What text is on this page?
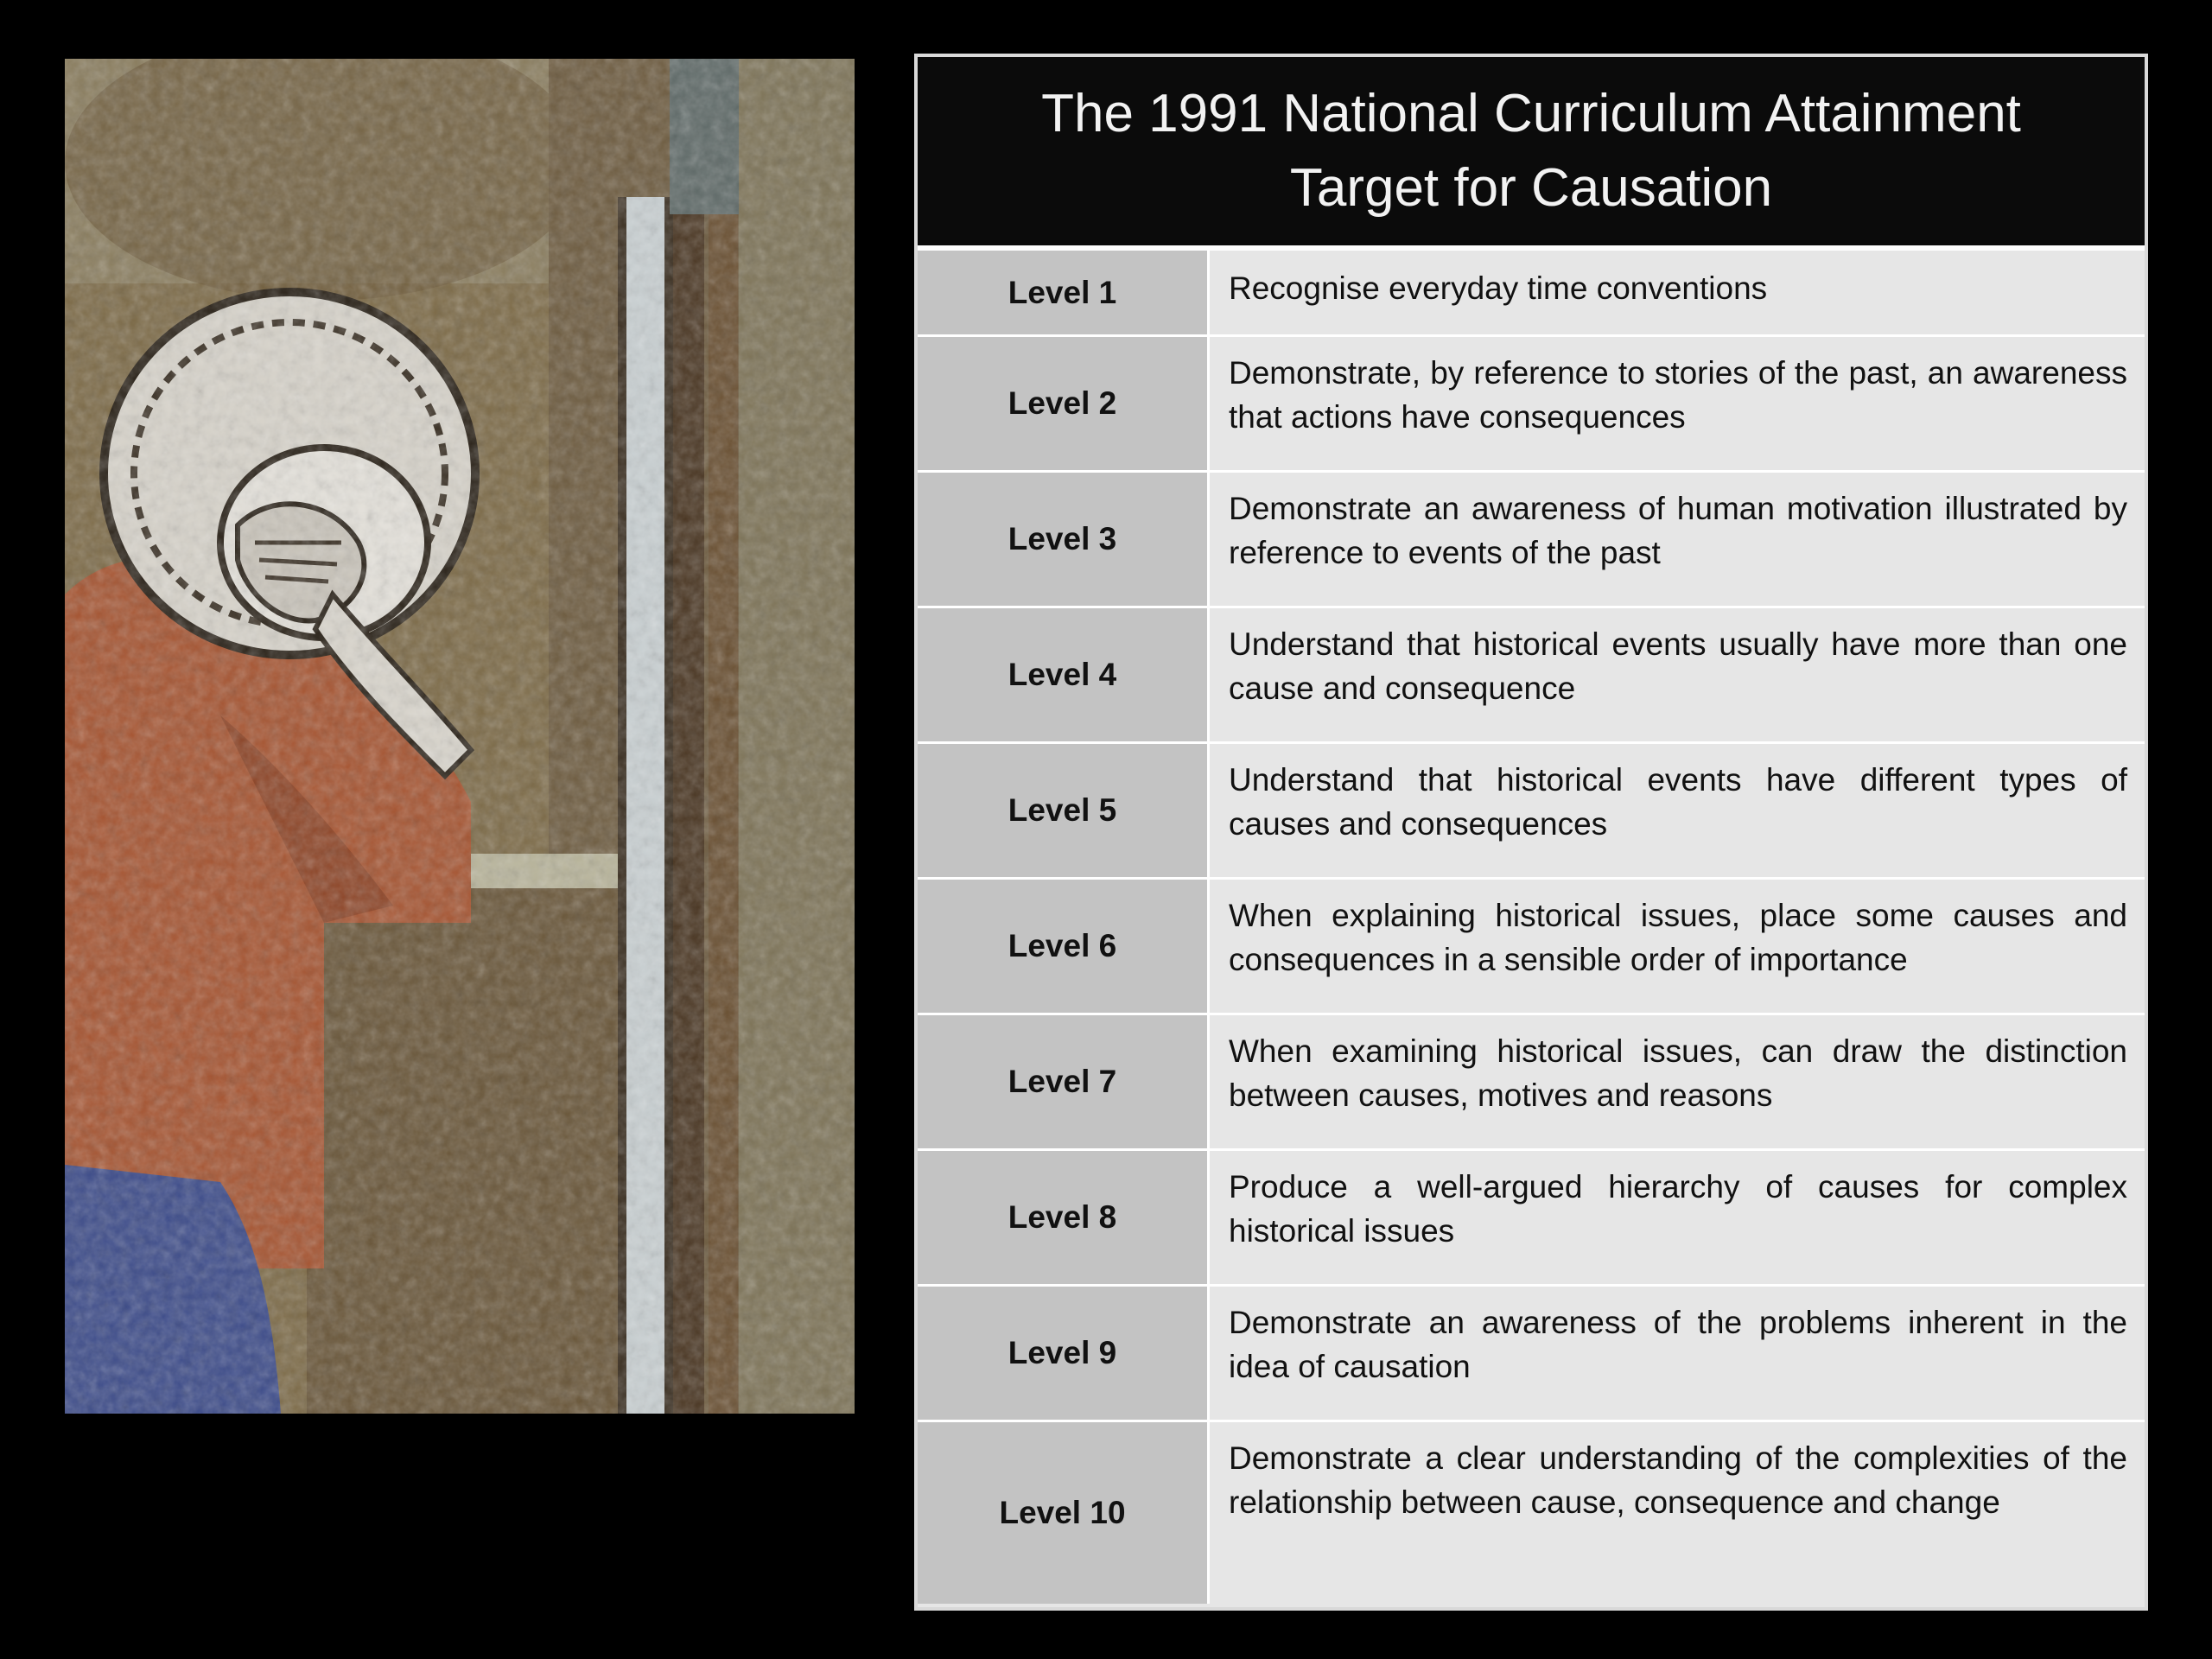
The 1991 National Curriculum Attainment Target for Causation
Level 1	Recognise everyday time conventions
Level 2
Demonstrate, by reference to stories of the past, an awareness that actions have consequences
Level 3
Demonstrate an awareness of human motivation illustrated by reference to events of the past
Level 4
Understand that historical events usually have more than one cause and consequence
Level 5
Understand that historical events have different types of causes and consequences
Level 6
When explaining historical issues, place some causes and consequences in a sensible order of importance
Level 7
When examining historical issues, can draw the distinction between causes, motives and reasons
Level 8
Produce a well-argued hierarchy of causes for complex historical issues
Level 9
Demonstrate an awareness of the problems inherent in the idea of causation
Level 10
Demonstrate a clear understanding of the complexities of the relationship between cause, consequence and change
